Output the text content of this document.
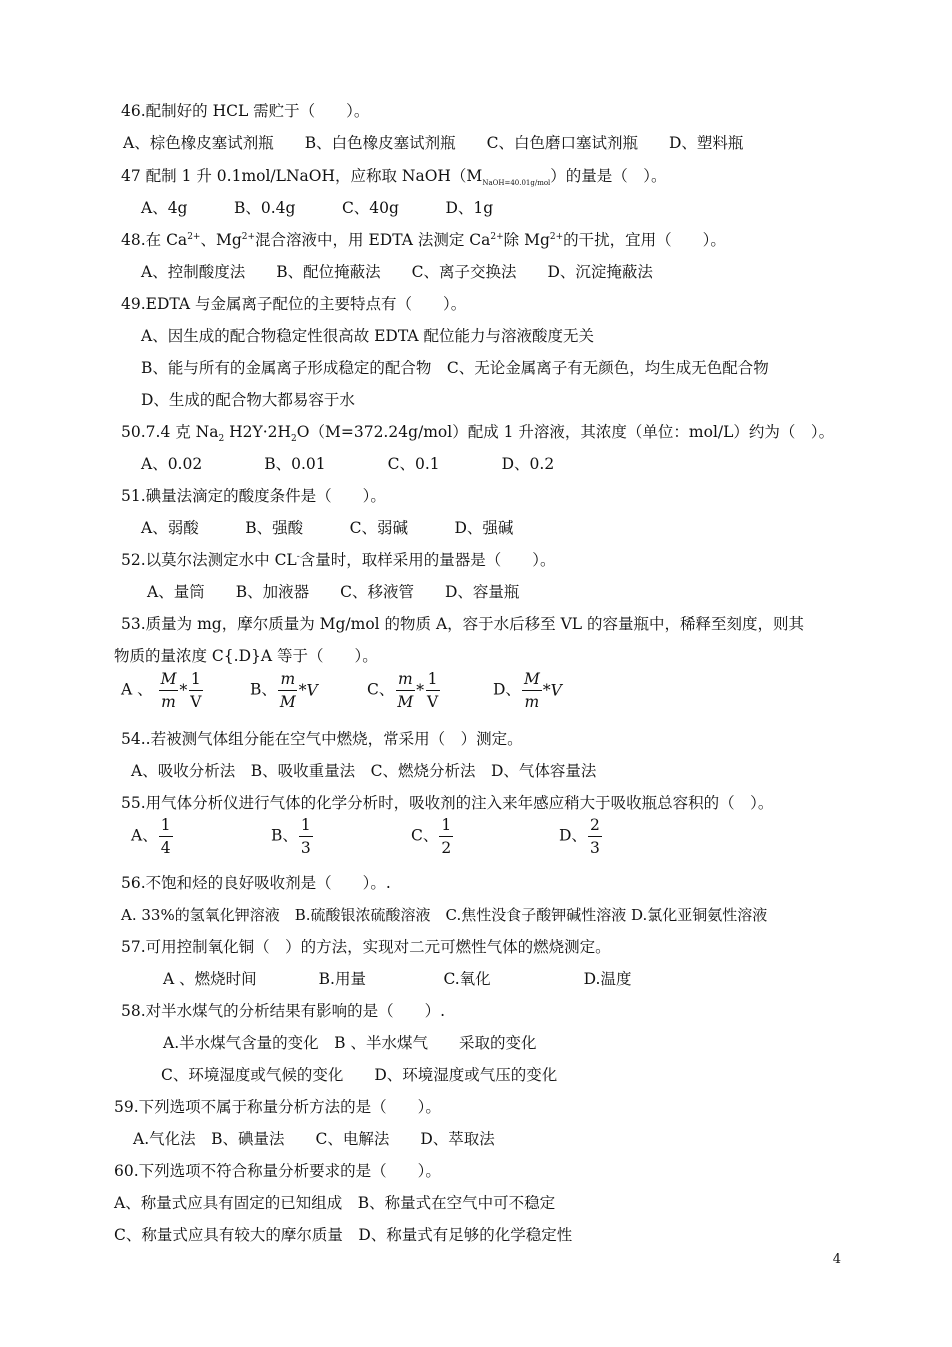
46.配制好的 HCL 需贮于（　　）。
A、棕色橡皮塞试剂瓶　　B、白色橡皮塞试剂瓶　　C、白色磨口塞试剂瓶　　D、塑料瓶
47 配制 1 升 0.1mol/LNaOH，应称取 $NaOH(M_{NaOH=40.01g/mol})$的量是（　）。
A、4g　　　B、0.4g　　　C、40g　　　D、1g
48.在 $Ca^{2+}$、$Mg^{2+}$混合溶液中，用 EDTA 法测定 $Ca^{2+}$除 $Mg^{2+}$的干扰，宜用（　　）。
A、控制酸度法　　B、配位掩蔽法　　C、离子交换法　　D、沉淀掩蔽法
49.EDTA 与金属离子配位的主要特点有（　　）。
A、因生成的配合物稳定性很高故 EDTA 配位能力与溶液酸度无关
B、能与所有的金属离子形成稳定的配合物　C、无论金属离子有无颜色，均生成无色配合物
D、生成的配合物大都易容于水
50.7.4 克 $Na_2$ $H2Y\cdot 2H_2O(M=372.24g/mol)$配成 1 升溶液，其浓度（单位：mol/L）约为（　）。
A、0.02　　　　B、0.01　　　　C、0.1　　　　D、0.2
51.碘量法滴定的酸度条件是（　　）。
A、弱酸　　　B、强酸　　　C、弱碱　　　D、强碱
52.以莫尔法测定水中 CL-含量时，取样采用的量器是（　　）。
A、量筒　　B、加液器　　C、移液管　　D、容量瓶
53.质量为 mg，摩尔质量为 Mg/mol 的物质 A，容于水后移至 VL 的容量瓶中，稀释至刻度，则其
物质的量浓度 C{.D}A 等于（　　）。
A 、 $\frac{M}{m} * \frac{1}{V}$	B、 $\frac{m}{M} *V$	C、 $\frac{m}{M} * \frac{1}{V}$	D、 $\frac{M}{m} *V$
54..若被测气体组分能在空气中燃烧，常采用（　）测定。
A、吸收分析法　B、吸收重量法　C、燃烧分析法　D、气体容量法
55.用气体分析仪进行气体的化学分析时，吸收剂的注入来年感应稍大于吸收瓶总容积的（　）。
A、 $\frac{1}{4}$	B、 $\frac{1}{3}$	C、 $\frac{1}{2}$	D、 $\frac{2}{3}$
56.不饱和烃的良好吸收剂是（　　）。.
A. 33%的氢氧化钾溶液　B.硫酸银浓硫酸溶液　C.焦性没食子酸钾碱性溶液 D.氯化亚铜氨性溶液
57.可用控制氧化铜（　）的方法，实现对二元可燃性气体的燃烧测定。
A 、燃烧时间　　　　B.用量　　　　　C.氧化　　　　　　D.温度
58.对半水煤气的分析结果有影响的是（　　）.
A.半水煤气含量的变化　B 、半水煤气　　采取的变化
C、环境湿度或气候的变化　　D、环境湿度或气压的变化
59.下列选项不属于称量分析方法的是（　　）。
A.气化法　B、碘量法　　C、电解法　　D、萃取法
60.下列选项不符合称量分析要求的是（　　）。
A、称量式应具有固定的已知组成　B、称量式在空气中可不稳定
C、称量式应具有较大的摩尔质量　D、称量式有足够的化学稳定性
4
